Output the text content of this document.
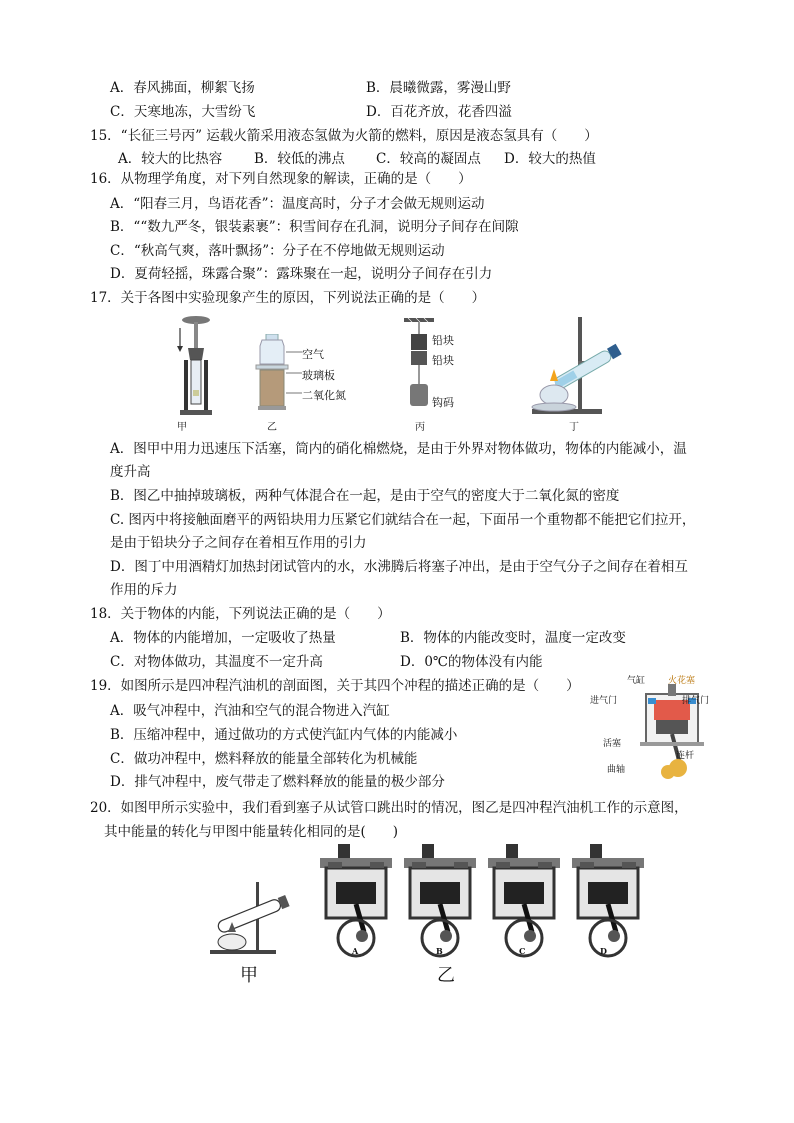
A．春风拂面，柳絮飞扬	B．晨曦微露，雾漫山野
C．天寒地冻，大雪纷飞	D．百花齐放，花香四溢
15．“长征三号丙” 运载火箭采用液态氢做为火箭的燃料，原因是液态氢具有（　　）
A．较大的比热容 B．较低的沸点 C．较高的凝固点 D．较大的热值
16．从物理学角度，对下列自然现象的解读，正确的是（　　）
A．“阳春三月，鸟语花香”：温度高时，分子才会做无规则运动
B．““数九严冬，银装素裹”：积雪间存在孔洞，说明分子间存在间隙
C．“秋高气爽，落叶飘扬”：分子在不停地做无规则运动
D．夏荷轻摇，珠露合聚”：露珠聚在一起，说明分子间存在引力
17．关于各图中实验现象产生的原因，下列说法正确的是（　　）
甲
空气
玻璃板
二氧化氮
乙
铅块
铅块
钩码
丙	丁
A．图甲中用力迅速压下活塞，筒内的硝化棉燃烧，是由于外界对物体做功，物体的内能减小，温
度升高
B．图乙中抽掉玻璃板，两种气体混合在一起，是由于空气的密度大于二氧化氮的密度
C. 图丙中将接触面磨平的两铅块用力压紧它们就结合在一起，下面吊一个重物都不能把它们拉开，
是由于铅块分子之间存在着相互作用的引力
D．图丁中用酒精灯加热封闭试管内的水，水沸腾后将塞子冲出，是由于空气分子之间存在着相互
作用的斥力
18．关于物体的内能，下列说法正确的是（　　）
A．物体的内能增加，一定吸收了热量	B．物体的内能改变时，温度一定改变
C．对物体做功，其温度不一定升高	D．0℃的物体没有内能
19．如图所示是四冲程汽油机的剖面图，关于其四个冲程的描述正确的是（　　）
A．吸气冲程中，汽油和空气的混合物进入汽缸
B．压缩冲程中，通过做功的方式使汽缸内气体的内能减小
C．做功冲程中，燃料释放的能量全部转化为机械能
D．排气冲程中，废气带走了燃料释放的能量的极少部分
气缸	火花塞
进气门	排气门
活塞
连杆
曲轴
20．如图甲所示实验中，我们看到塞子从试管口跳出时的情况，图乙是四冲程汽油机工作的示意图，
其中能量的转化与甲图中能量转化相同的是(　　)
甲
A	B	C	D
乙
